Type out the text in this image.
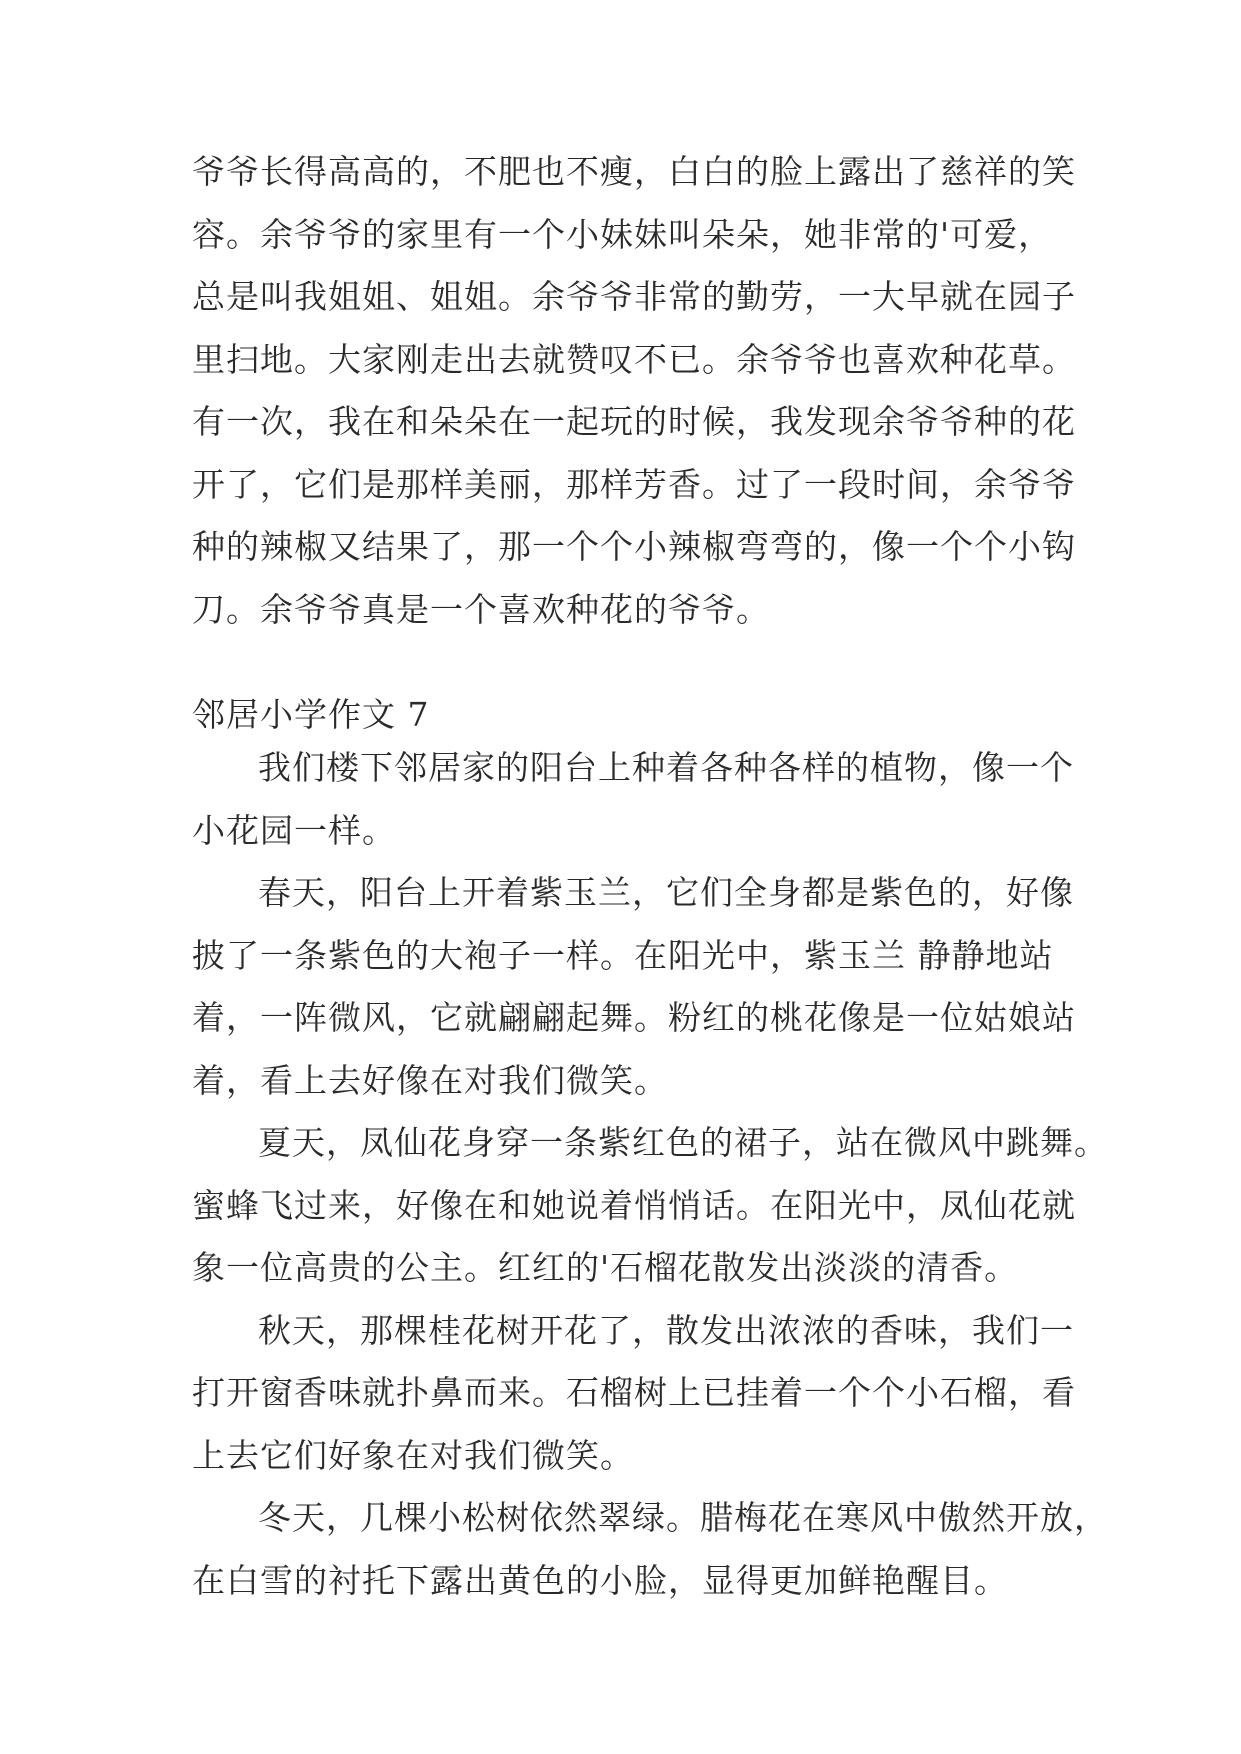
爷爷长得高高的，不肥也不瘦，白白的脸上露出了慈祥的笑
容。余爷爷的家里有一个小妹妹叫朵朵，她非常的'可爱，
总是叫我姐姐、姐姐。余爷爷非常的勤劳，一大早就在园子
里扫地。大家刚走出去就赞叹不已。余爷爷也喜欢种花草。
有一次，我在和朵朵在一起玩的时候，我发现余爷爷种的花
开了，它们是那样美丽，那样芳香。过了一段时间，余爷爷
种的辣椒又结果了，那一个个小辣椒弯弯的，像一个个小钩
刀。余爷爷真是一个喜欢种花的爷爷。
邻居小学作文 7
我们楼下邻居家的阳台上种着各种各样的植物，像一个
小花园一样。
春天，阳台上开着紫玉兰，它们全身都是紫色的，好像
披了一条紫色的大袍子一样。在阳光中，紫玉兰 静静地站
着，一阵微风，它就翩翩起舞。粉红的桃花像是一位姑娘站
着，看上去好像在对我们微笑。
夏天，凤仙花身穿一条紫红色的裙子，站在微风中跳舞。
蜜蜂飞过来，好像在和她说着悄悄话。在阳光中，凤仙花就
象一位高贵的公主。红红的'石榴花散发出淡淡的清香。
秋天，那棵桂花树开花了，散发出浓浓的香味，我们一
打开窗香味就扑鼻而来。石榴树上已挂着一个个小石榴，看
上去它们好象在对我们微笑。
冬天，几棵小松树依然翠绿。腊梅花在寒风中傲然开放，
在白雪的衬托下露出黄色的小脸，显得更加鲜艳醒目。
